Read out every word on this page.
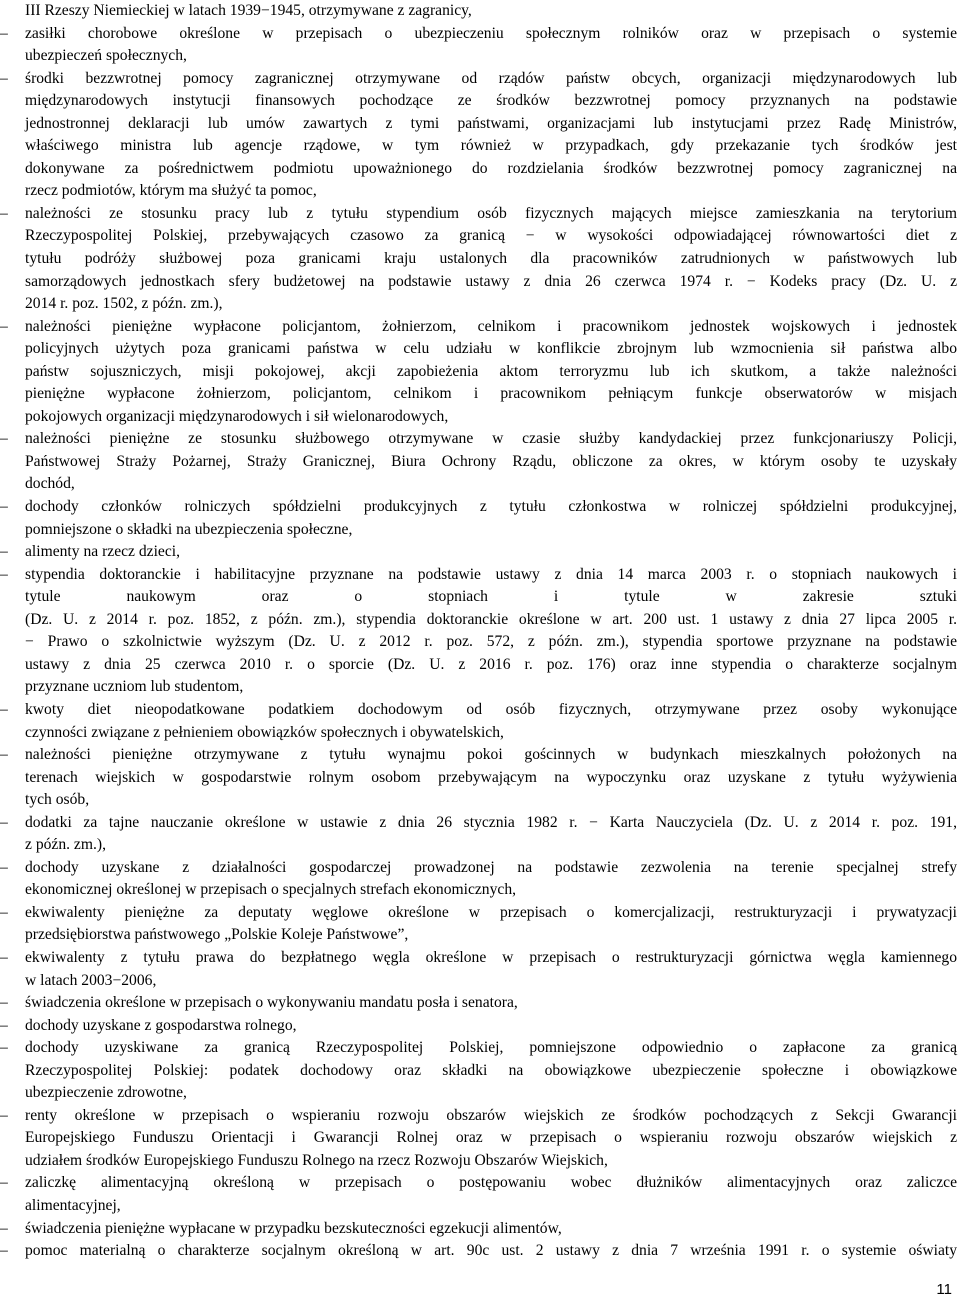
III Rzeszy Niemieckiej w latach 1939−1945, otrzymywane z zagranicy,
– zasiłki chorobowe określone w przepisach o ubezpieczeniu społecznym rolników oraz w przepisach o systemie
ubezpieczeń społecznych,
– środki bezzwrotnej pomocy zagranicznej otrzymywane od rządów państw obcych, organizacji międzynarodowych lub
międzynarodowych instytucji finansowych pochodzące ze środków bezzwrotnej pomocy przyznanych na podstawie
jednostronnej deklaracji lub umów zawartych z tymi państwami, organizacjami lub instytucjami przez Radę Ministrów,
właściwego ministra lub agencje rządowe, w tym również w przypadkach, gdy przekazanie tych środków jest
dokonywane za pośrednictwem podmiotu upoważnionego do rozdzielania środków bezzwrotnej pomocy zagranicznej na
rzecz podmiotów, którym ma służyć ta pomoc,
– należności ze stosunku pracy lub z tytułu stypendium osób fizycznych mających miejsce zamieszkania na terytorium
Rzeczypospolitej Polskiej, przebywających czasowo za granicą − w wysokości odpowiadającej równowartości diet z
tytułu podróży służbowej poza granicami kraju ustalonych dla pracowników zatrudnionych w państwowych lub
samorządowych jednostkach sfery budżetowej na podstawie ustawy z dnia 26 czerwca 1974 r. − Kodeks pracy (Dz. U. z
2014 r. poz. 1502, z późn. zm.),
– należności pieniężne wypłacone policjantom, żołnierzom, celnikom i pracownikom jednostek wojskowych i jednostek
policyjnych użytych poza granicami państwa w celu udziału w konflikcie zbrojnym lub wzmocnienia sił państwa albo
państw sojuszniczych, misji pokojowej, akcji zapobieżenia aktom terroryzmu lub ich skutkom, a także należności
pieniężne wypłacone żołnierzom, policjantom, celnikom i pracownikom pełniącym funkcje obserwatorów w misjach
pokojowych organizacji międzynarodowych i sił wielonarodowych,
– należności pieniężne ze stosunku służbowego otrzymywane w czasie służby kandydackiej przez funkcjonariuszy Policji,
Państwowej Straży Pożarnej, Straży Granicznej, Biura Ochrony Rządu, obliczone za okres, w którym osoby te uzyskały
dochód,
– dochody członków rolniczych spółdzielni produkcyjnych z tytułu członkostwa w rolniczej spółdzielni produkcyjnej,
pomniejszone o składki na ubezpieczenia społeczne,
– alimenty na rzecz dzieci,
– stypendia doktoranckie i habilitacyjne przyznane na podstawie ustawy z dnia 14 marca 2003 r. o stopniach naukowych i
tytule naukowym oraz o stopniach i tytule w zakresie sztuki
(Dz. U. z 2014 r. poz. 1852, z późn. zm.), stypendia doktoranckie określone w art. 200 ust. 1 ustawy z dnia 27 lipca 2005 r.
− Prawo o szkolnictwie wyższym (Dz. U. z 2012 r. poz. 572, z późn. zm.), stypendia sportowe przyznane na podstawie
ustawy z dnia 25 czerwca 2010 r. o sporcie (Dz. U. z 2016 r. poz. 176) oraz inne stypendia o charakterze socjalnym
przyznane uczniom lub studentom,
– kwoty diet nieopodatkowane podatkiem dochodowym od osób fizycznych, otrzymywane przez osoby wykonujące
czynności związane z pełnieniem obowiązków społecznych i obywatelskich,
– należności pieniężne otrzymywane z tytułu wynajmu pokoi gościnnych w budynkach mieszkalnych położonych na
terenach wiejskich w gospodarstwie rolnym osobom przebywającym na wypoczynku oraz uzyskane z tytułu wyżywienia
tych osób,
– dodatki za tajne nauczanie określone w ustawie z dnia 26 stycznia 1982 r. − Karta Nauczyciela (Dz. U. z 2014 r. poz. 191,
z późn. zm.),
– dochody uzyskane z działalności gospodarczej prowadzonej na podstawie zezwolenia na terenie specjalnej strefy
ekonomicznej określonej w przepisach o specjalnych strefach ekonomicznych,
– ekwiwalenty pieniężne za deputaty węglowe określone w przepisach o komercjalizacji, restrukturyzacji i prywatyzacji
przedsiębiorstwa państwowego „Polskie Koleje Państwowe”,
– ekwiwalenty z tytułu prawa do bezpłatnego węgla określone w przepisach o restrukturyzacji górnictwa węgla kamiennego
w latach 2003−2006,
– świadczenia określone w przepisach o wykonywaniu mandatu posła i senatora,
– dochody uzyskane z gospodarstwa rolnego,
– dochody uzyskiwane za granicą Rzeczypospolitej Polskiej, pomniejszone odpowiednio o zapłacone za granicą
Rzeczypospolitej Polskiej: podatek dochodowy oraz składki na obowiązkowe ubezpieczenie społeczne i obowiązkowe
ubezpieczenie zdrowotne,
– renty określone w przepisach o wspieraniu rozwoju obszarów wiejskich ze środków pochodzących z Sekcji Gwarancji
Europejskiego Funduszu Orientacji i Gwarancji Rolnej oraz w przepisach o wspieraniu rozwoju obszarów wiejskich z
udziałem środków Europejskiego Funduszu Rolnego na rzecz Rozwoju Obszarów Wiejskich,
– zaliczkę alimentacyjną określoną w przepisach o postępowaniu wobec dłużników alimentacyjnych oraz zaliczce
alimentacyjnej,
– świadczenia pieniężne wypłacane w przypadku bezskuteczności egzekucji alimentów,
– pomoc materialną o charakterze socjalnym określoną w art. 90c ust. 2 ustawy z dnia 7 września 1991 r. o systemie oświaty
11
